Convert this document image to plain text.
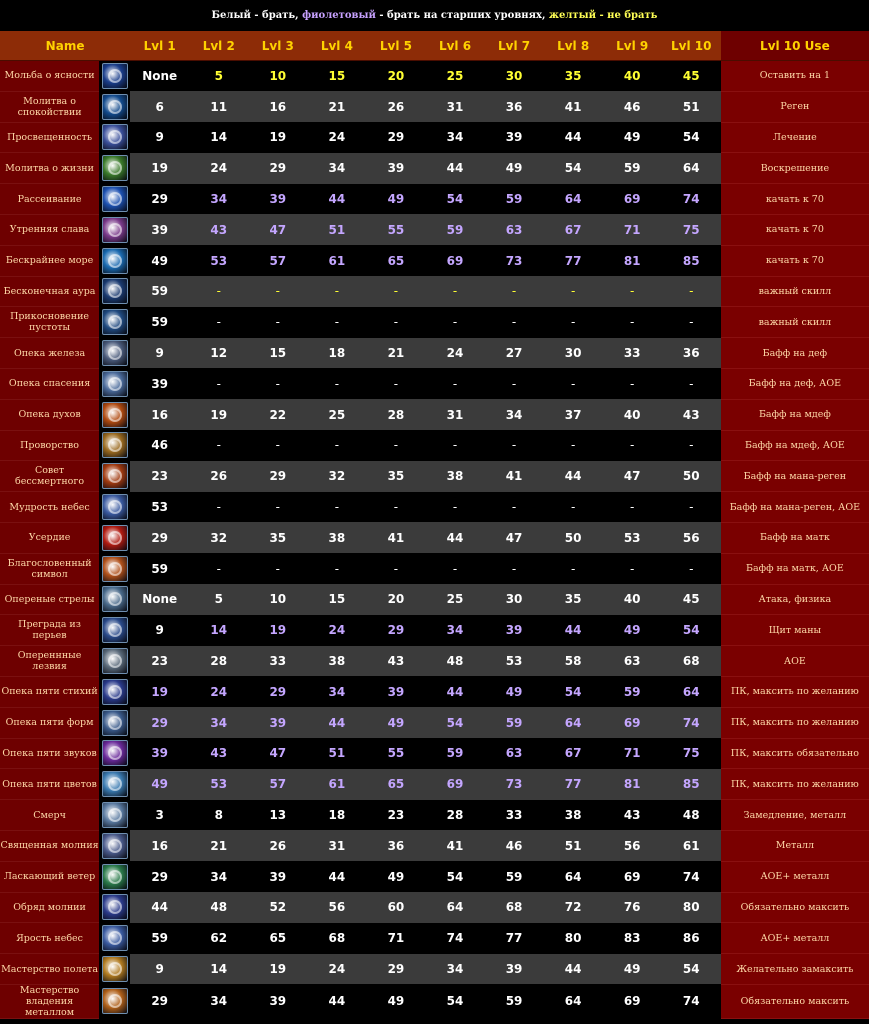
Белый - брать, фиолетовый - брать на старших уровнях, желтый - не брать
Name		Lvl 1	Lvl 2	Lvl 3	Lvl 4	Lvl 5	Lvl 6	Lvl 7	Lvl 8	Lvl 9	Lvl 10	Lvl 10 Use
Мольба о ясности		None	5	10	15	20	25	30	35	40	45	Оставить на 1
Молитва о спокойствии		6	11	16	21	26	31	36	41	46	51	Реген
Просвещенность		9	14	19	24	29	34	39	44	49	54	Лечение
Молитва о жизни		19	24	29	34	39	44	49	54	59	64	Воскрешение
Рассеивание		29	34	39	44	49	54	59	64	69	74	качать к 70
Утренняя слава		39	43	47	51	55	59	63	67	71	75	качать к 70
Бескрайнее море		49	53	57	61	65	69	73	77	81	85	качать к 70
Бесконечная аура		59	-	-	-	-	-	-	-	-	-	важный скилл
Прикосновение пустоты		59	-	-	-	-	-	-	-	-	-	важный скилл
Опека железа		9	12	15	18	21	24	27	30	33	36	Бафф на деф
Опека спасения		39	-	-	-	-	-	-	-	-	-	Бафф на деф, АОЕ
Опека духов		16	19	22	25	28	31	34	37	40	43	Бафф на мдеф
Проворство		46	-	-	-	-	-	-	-	-	-	Бафф на мдеф, АОЕ
Совет бессмертного		23	26	29	32	35	38	41	44	47	50	Бафф на мана-реген
Мудрость небес		53	-	-	-	-	-	-	-	-	-	Бафф на мана-реген, АОЕ
Усердие		29	32	35	38	41	44	47	50	53	56	Бафф на матк
Благословенный символ		59	-	-	-	-	-	-	-	-	-	Бафф на матк, АОЕ
Опереные стрелы		None	5	10	15	20	25	30	35	40	45	Атака, физика
Преграда из перьев		9	14	19	24	29	34	39	44	49	54	Щит маны
Опереннные лезвия		23	28	33	38	43	48	53	58	63	68	АОЕ
Опека пяти стихий		19	24	29	34	39	44	49	54	59	64	ПК, максить по желанию
Опека пяти форм		29	34	39	44	49	54	59	64	69	74	ПК, максить по желанию
Опека пяти звуков		39	43	47	51	55	59	63	67	71	75	ПК, максить обязательно
Опека пяти цветов		49	53	57	61	65	69	73	77	81	85	ПК, максить по желанию
Смерч		3	8	13	18	23	28	33	38	43	48	Замедление, металл
Священная молния		16	21	26	31	36	41	46	51	56	61	Металл
Ласкающий ветер		29	34	39	44	49	54	59	64	69	74	АОЕ+ металл
Обряд молнии		44	48	52	56	60	64	68	72	76	80	Обязательно максить
Ярость небес		59	62	65	68	71	74	77	80	83	86	АОЕ+ металл
Мастерство полета		9	14	19	24	29	34	39	44	49	54	Желательно замаксить
Мастерство владения металлом		29	34	39	44	49	54	59	64	69	74	Обязательно максить
